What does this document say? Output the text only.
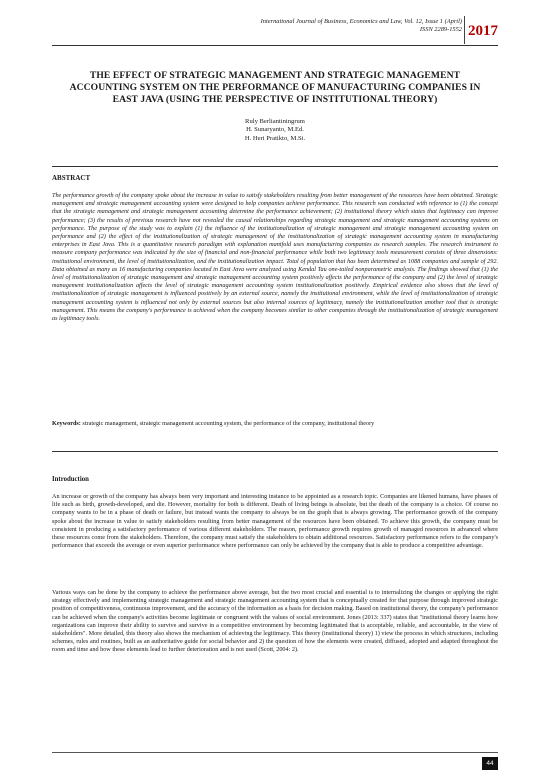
International Journal of Business, Economics and Law, Vol. 12, Issue 1 (April)
ISSN 2289-1552 2017
THE EFFECT OF STRATEGIC MANAGEMENT AND STRATEGIC MANAGEMENT ACCOUNTING SYSTEM ON THE PERFORMANCE OF MANUFACTURING COMPANIES IN EAST JAVA (USING THE PERSPECTIVE OF INSTITUTIONAL THEORY)
Ruly Berliantiningrum
H. Sunaryanto, M.Ed.
H. Heri Pratikto, M.Si.
ABSTRACT
The performance growth of the company spoke about the increase in value to satisfy stakeholders resulting from better management of the resources have been obtained. Strategic management and strategic management accounting system were designed to help companies achieve performance. This research was conducted with reference to (1) the concept that the strategic management and strategic management accounting determine the performance achievement; (2) institutional theory which states that legitimacy can improve performance; (3) the results of previous research have not revealed the causal relationships regarding strategic management and strategic management accounting systems on performance. The purpose of the study was to explain (1) the influence of the institutionalization of strategic management and strategic management accounting system on performance and (2) the effect of the institutionalization of strategic management of the institutionalization of strategic management accounting system in manufacturing enterprises in East Java. This is a quantitative research paradigm with explanation manifold uses manufacturing companies as research samples. The research instrument to measure company performance was indicated by the size of financial and non-financial performance while both two legitimacy tools measurement consists of three dimensions: institutional environment, the level of institutionalization, and the institutionalization impact. Total of population that has been determined as 1088 companies and sample of 292. Data obtained as many as 16 manufacturing companies located in East Java were analyzed using Kendal Tau one-tailed nonparametric analysis. The findings showed that (1) the level of institutionalization of strategic management and strategic management accounting system positively affects the performance of the company and (2) the level of strategic management institutionalization affects the level of strategic management accounting system institutionalization positively. Empirical evidence also shows that the level of institutionalization of strategic management is influenced positively by an external source, namely the institutional environment, while the level of institutionalization of strategic management accounting system is influenced not only by external sources but also internal sources of legitimacy, namely the institutionalization another tool that is strategic management. This means the company's performance is achieved when the company becomes similar to other companies through the institutionalization of strategic management as legitimacy tools.
Keywords: strategic management, strategic management accounting system, the performance of the company, institutional theory
Introduction
An increase or growth of the company has always been very important and interesting instance to be appointed as a research topic. Companies are likened humans, have phases of life such as birth, growth-developed, and die. However, mortality for both is different. Death of living beings is absolute, but the death of the company is a choice. Of course no company wants to be in a phase of death or failure, but instead wants the company to always be on the graph that is always growing. The performance growth of the company spoke about the increase in value to satisfy stakeholders resulting from better management of the resources have been obtained. To achieve this growth, the company must be consistent in producing a satisfactory performance of various different stakeholders. The reason, performance growth requires growth of managed resources in advanced where these resources come from the stakeholders. Therefore, the company must satisfy the stakeholders to obtain additional resources. Satisfactory performance refers to the company's performance that exceeds the average or even superior performance where performance can only be achieved by the company that is able to produce a competitive advantage.
Various ways can be done by the company to achieve the performance above average, but the two most crucial and essential is to internalizing the changes or applying the right strategy effectively and implementing strategic management and strategic management accounting system that is conceptually created for that purpose through improved strategic position of competitiveness, continuous improvement, and the accuracy of the information as a basis for decision making. Based on institutional theory, the company's performance can be achieved when the company's activities become legitimate or congruent with the values of social environment. Jones (2013: 337) states that "institutional theory learns how organizations can improve their ability to survive and survive in a competitive environment by becoming legitimated that is acceptable, reliable, and accountable, in the view of stakeholders". More detailed, this theory also shows the mechanism of achieving the legitimacy. This theory (institutional theory) 1) view the process in which structures, including schemes, rules and routines, built as an authoritative guide for social behavior and 2) the question of how the elements were created, diffused, adopted and adapted throughout the room and time and how these elements lead to further deterioration and is not used (Scott, 2004: 2).
44
